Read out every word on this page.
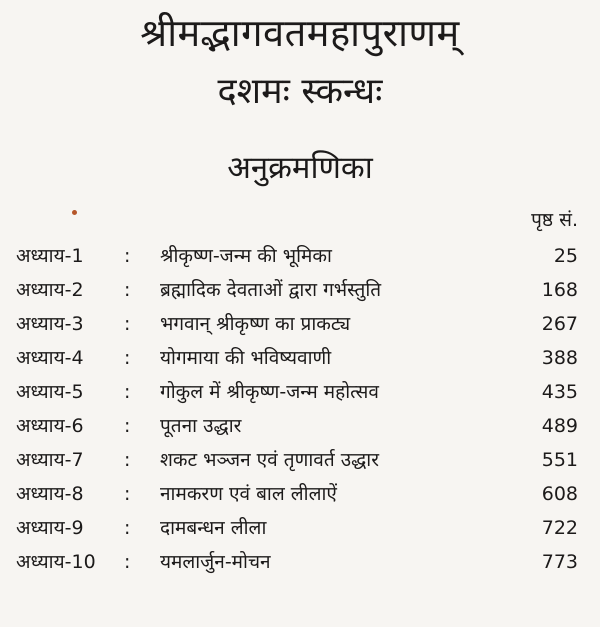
श्रीमद्भागवतमहापुराणम्
दशमः स्कन्धः
अनुक्रमणिका
पृष्ठ सं.
अध्याय-1 : श्रीकृष्ण-जन्म की भूमिका	25
अध्याय-2 : ब्रह्मादिक देवताओं द्वारा गर्भस्तुति	168
अध्याय-3 : भगवान् श्रीकृष्ण का प्राकट्य	267
अध्याय-4 : योगमाया की भविष्यवाणी	388
अध्याय-5 : गोकुल में श्रीकृष्ण-जन्म महोत्सव	435
अध्याय-6 : पूतना उद्धार	489
अध्याय-7 : शकट भञ्जन एवं तृणावर्त उद्धार	551
अध्याय-8 : नामकरण एवं बाल लीलाऐं	608
अध्याय-9 : दामबन्धन लीला	722
अध्याय-10 : यमलार्जुन-मोचन	773
